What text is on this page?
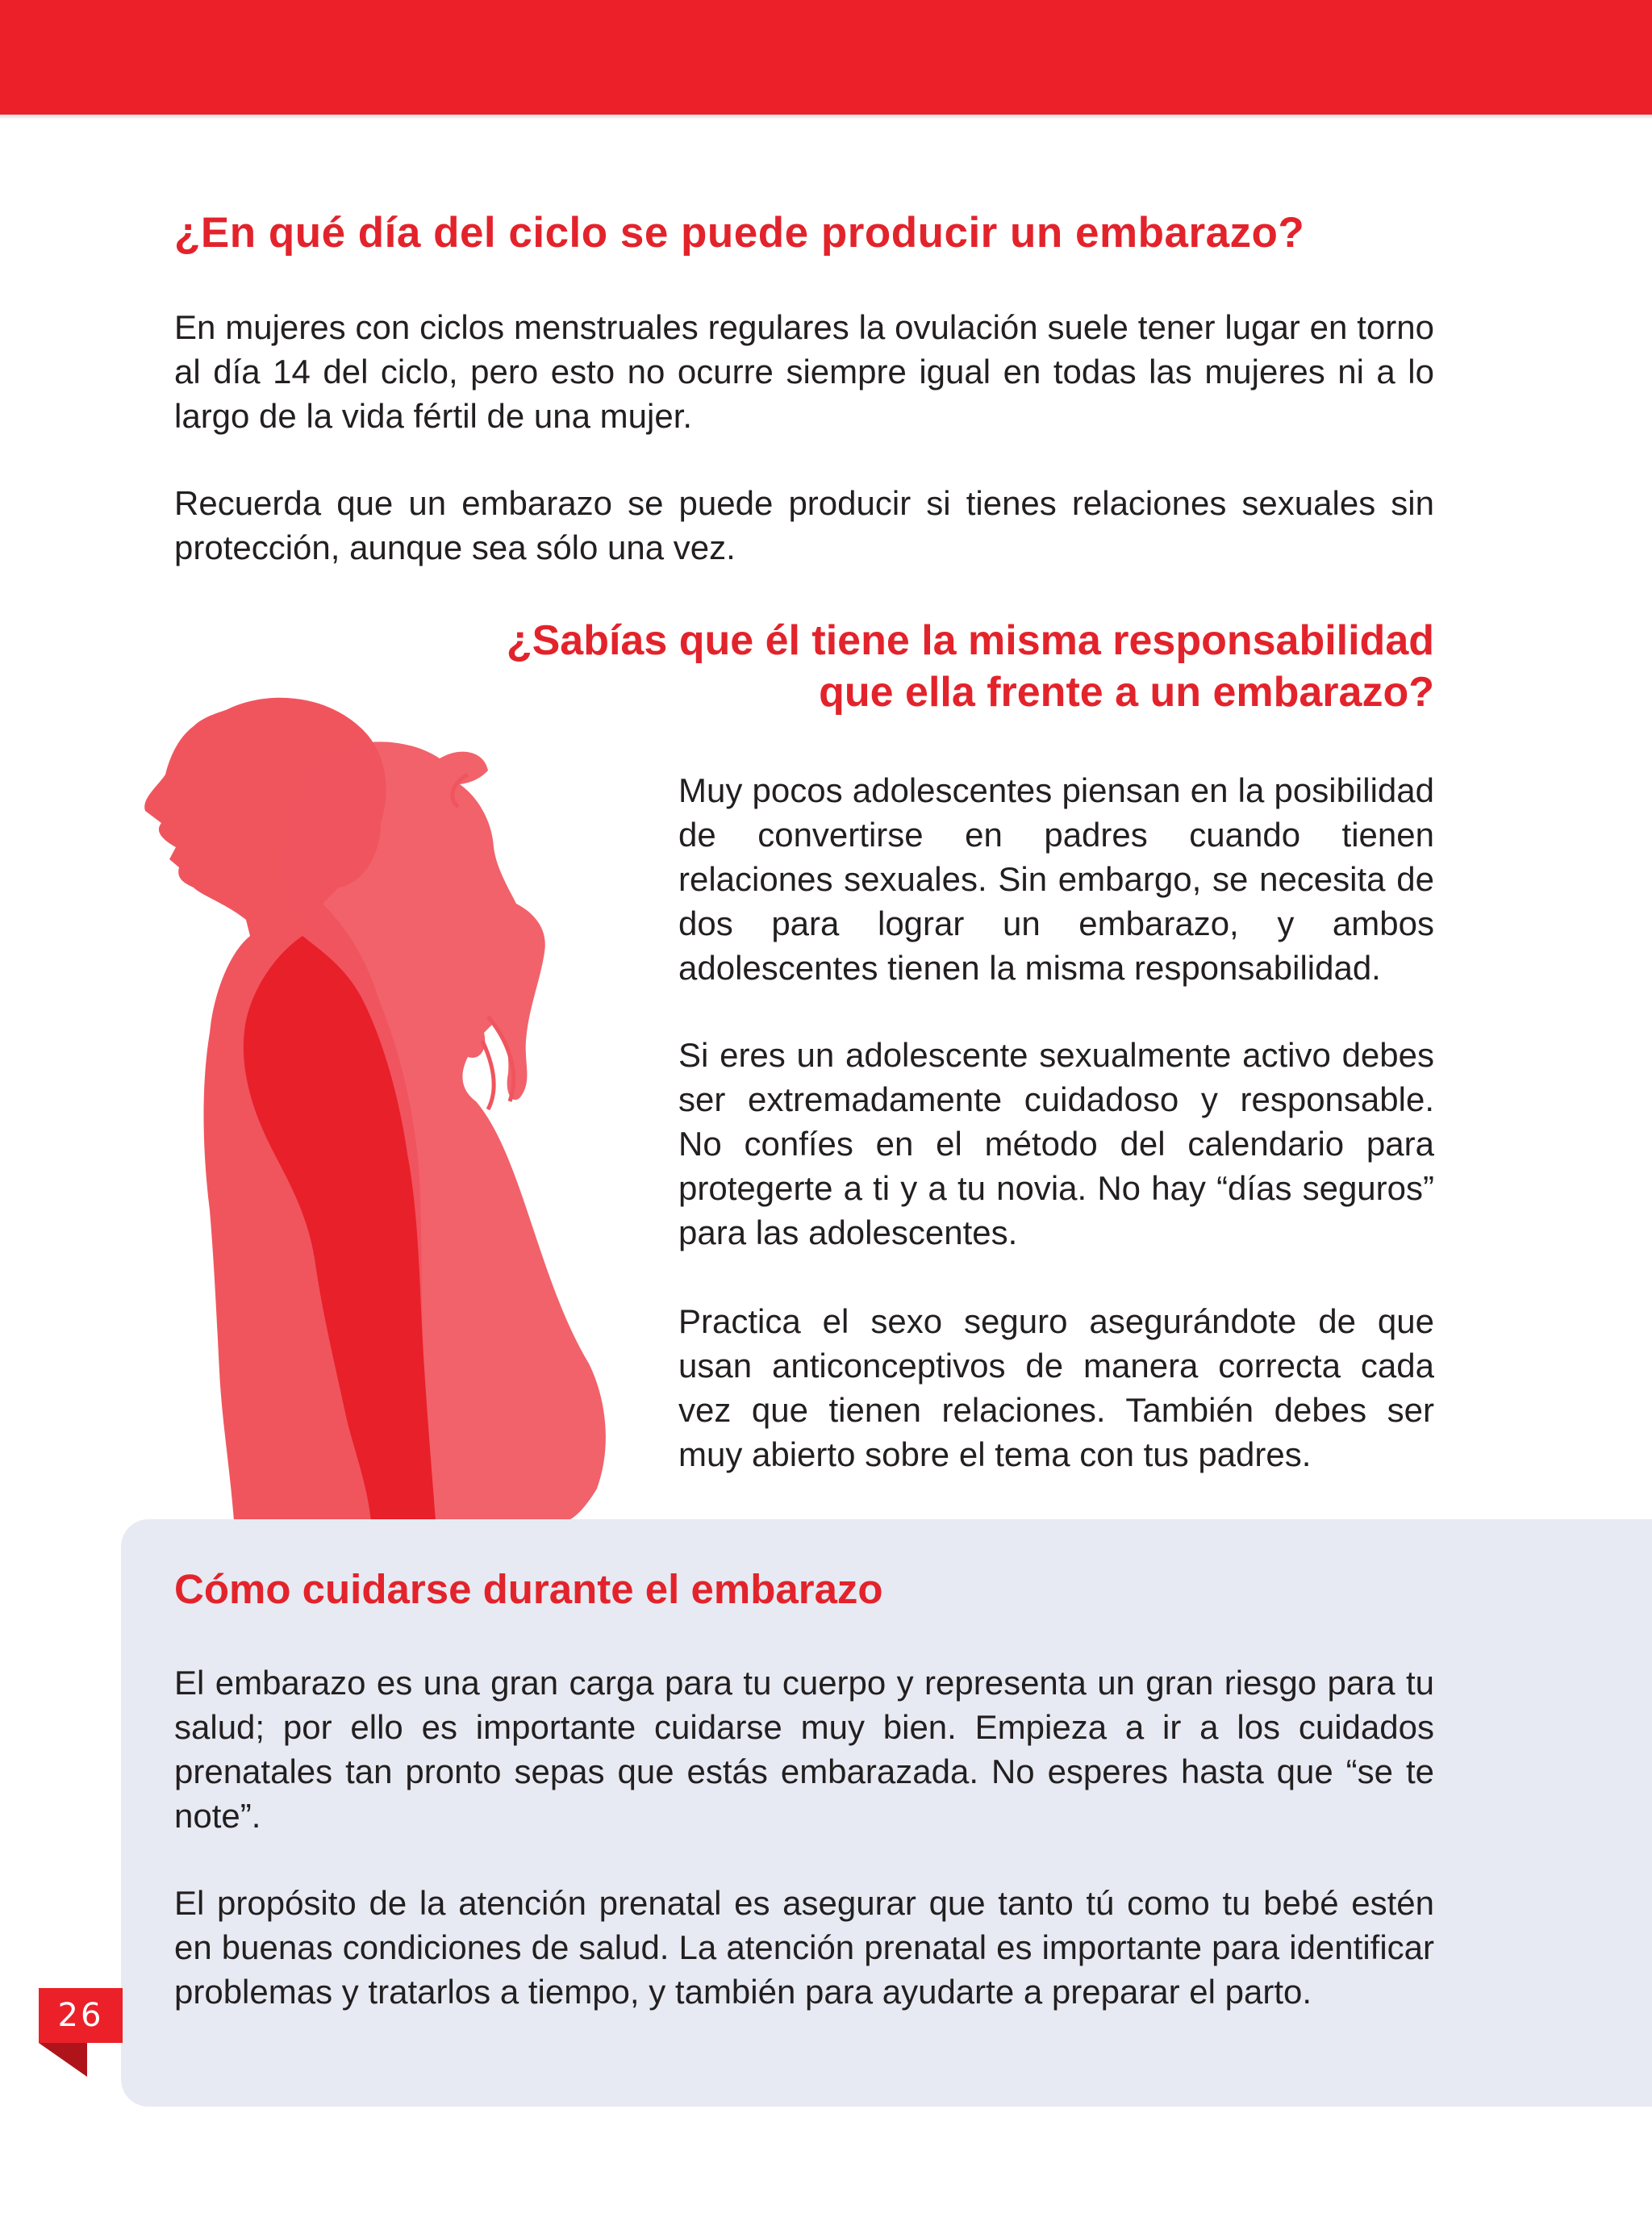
¿En qué día del ciclo se puede producir un embarazo?

En mujeres con ciclos menstruales regulares la ovulación suele tener lugar en torno al día 14 del ciclo, pero esto no ocurre siempre igual en todas las mujeres ni a lo largo de la vida fértil de una mujer.

Recuerda que un embarazo se puede producir si tienes relaciones sexuales sin protección, aunque sea sólo una vez.

¿Sabías que él tiene la misma responsabilidad
que ella frente a un embarazo?

Muy pocos adolescentes piensan en la posibilidad de convertirse en padres cuando tienen relaciones sexuales. Sin embargo, se necesita de dos para lograr un embarazo, y ambos adolescentes tienen la misma responsabilidad.

Si eres un adolescente sexualmente activo debes ser extremadamente cuidadoso y responsable. No confíes en el método del calendario para protegerte a ti y a tu novia. No hay “días seguros” para las adolescentes.

Practica el sexo seguro asegurándote de que usan anticonceptivos de manera correcta cada vez que tienen relaciones. También debes ser muy abierto sobre el tema con tus padres.

Cómo cuidarse durante el embarazo

El embarazo es una gran carga para tu cuerpo y representa un gran riesgo para tu salud; por ello es importante cuidarse muy bien. Empieza a ir a los cuidados prenatales tan pronto sepas que estás embarazada. No esperes hasta que “se te note”.

El propósito de la atención prenatal es asegurar que tanto tú como tu bebé estén en buenas condiciones de salud. La atención prenatal es importante para identificar problemas y tratarlos a tiempo, y también para ayudarte a preparar el parto.

26
